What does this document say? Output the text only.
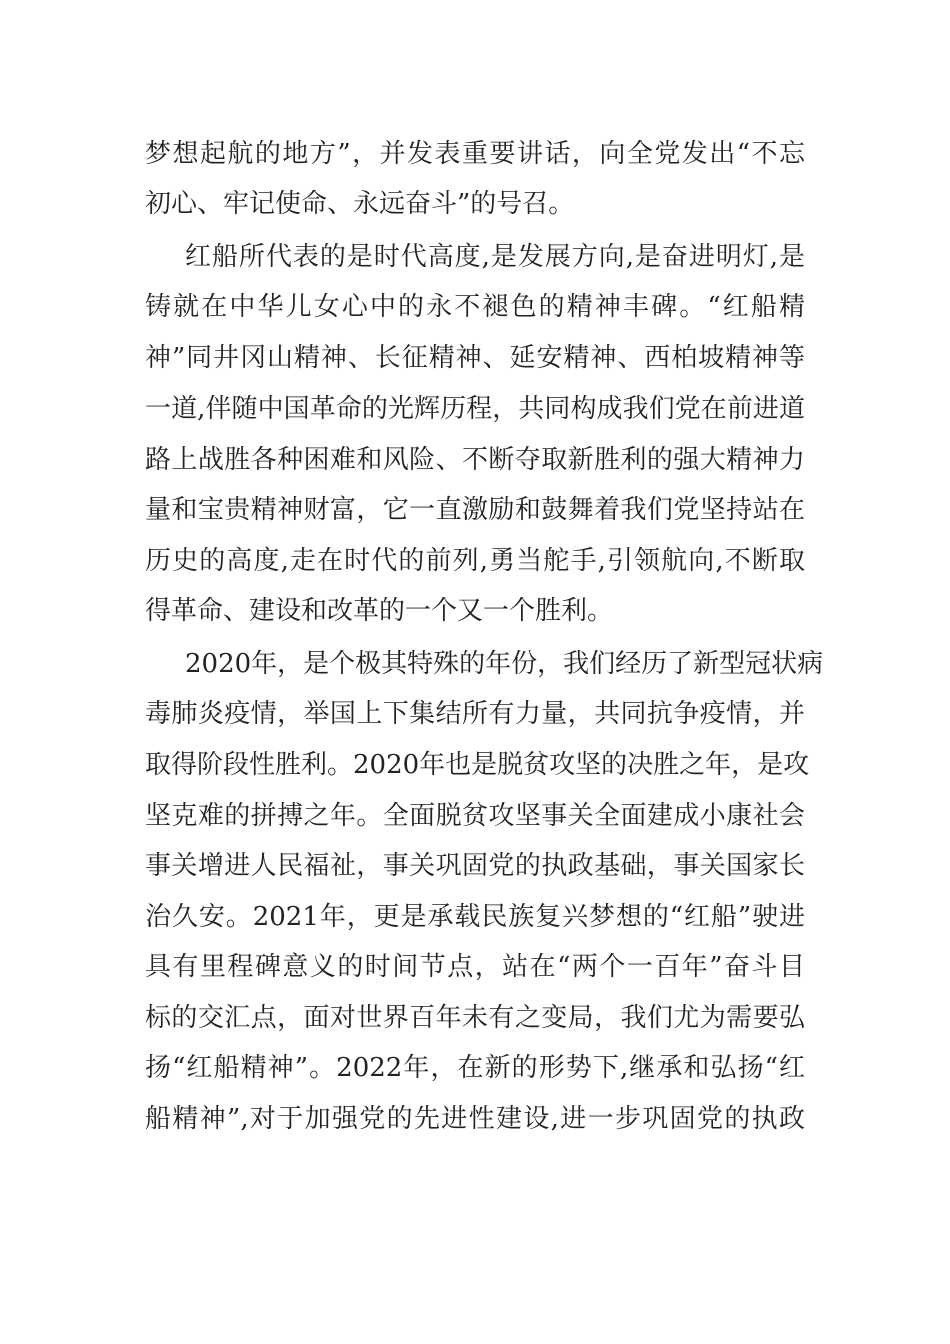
梦想起航的地方”，并发表重要讲话，向全党发出“不忘
初心、牢记使命、永远奋斗”的号召。
红船所代表的是时代高度,是发展方向,是奋进明灯,是
铸就在中华儿女心中的永不褪色的精神丰碑。“红船精
神”同井冈山精神、长征精神、延安精神、西柏坡精神等
一道,伴随中国革命的光辉历程，共同构成我们党在前进道
路上战胜各种困难和风险、不断夺取新胜利的强大精神力
量和宝贵精神财富，它一直激励和鼓舞着我们党坚持站在
历史的高度,走在时代的前列,勇当舵手,引领航向,不断取
得革命、建设和改革的一个又一个胜利。
2020年，是个极其特殊的年份，我们经历了新型冠状病
毒肺炎疫情，举国上下集结所有力量，共同抗争疫情，并
取得阶段性胜利。2020年也是脱贫攻坚的决胜之年，是攻
坚克难的拼搏之年。全面脱贫攻坚事关全面建成小康社会
事关增进人民福祉，事关巩固党的执政基础，事关国家长
治久安。2021年，更是承载民族复兴梦想的“红船”驶进
具有里程碑意义的时间节点，站在“两个一百年”奋斗目
标的交汇点，面对世界百年未有之变局，我们尤为需要弘
扬“红船精神”。2022年，在新的形势下,继承和弘扬“红
船精神”,对于加强党的先进性建设,进一步巩固党的执政
